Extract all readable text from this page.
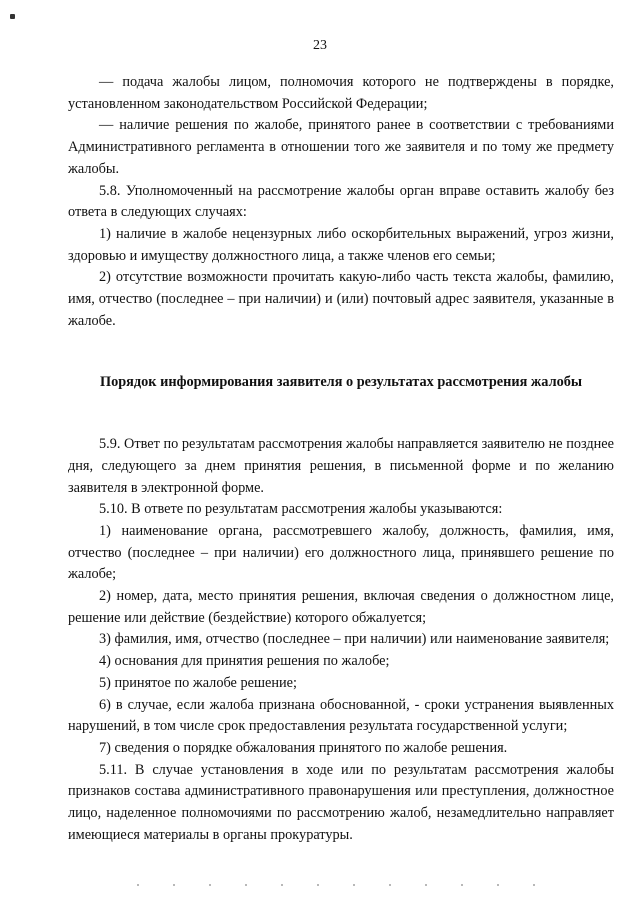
23

— подача жалобы лицом, полномочия которого не подтверждены в порядке, установленном законодательством Российской Федерации;

— наличие решения по жалобе, принятого ранее в соответствии с требованиями Административного регламента в отношении того же заявителя и по тому же предмету жалобы.

5.8. Уполномоченный на рассмотрение жалобы орган вправе оставить жалобу без ответа в следующих случаях:

1) наличие в жалобе нецензурных либо оскорбительных выражений, угроз жизни, здоровью и имуществу должностного лица, а также членов его семьи;

2) отсутствие возможности прочитать какую-либо часть текста жалобы, фамилию, имя, отчество (последнее – при наличии) и (или) почтовый адрес заявителя, указанные в жалобе.

Порядок информирования заявителя о результатах рассмотрения жалобы

5.9. Ответ по результатам рассмотрения жалобы направляется заявителю не позднее дня, следующего за днем принятия решения, в письменной форме и по желанию заявителя в электронной форме.

5.10. В ответе по результатам рассмотрения жалобы указываются:

1) наименование органа, рассмотревшего жалобу, должность, фамилия, имя, отчество (последнее – при наличии) его должностного лица, принявшего решение по жалобе;

2) номер, дата, место принятия решения, включая сведения о должностном лице, решение или действие (бездействие) которого обжалуется;

3) фамилия, имя, отчество (последнее – при наличии) или наименование заявителя;

4) основания для принятия решения по жалобе;

5) принятое по жалобе решение;

6) в случае, если жалоба признана обоснованной, - сроки устранения выявленных нарушений, в том числе срок предоставления результата государственной услуги;

7) сведения о порядке обжалования принятого по жалобе решения.

5.11. В случае установления в ходе или по результатам рассмотрения жалобы признаков состава административного правонарушения или преступления, должностное лицо, наделенное полномочиями по рассмотрению жалоб, незамедлительно направляет имеющиеся материалы в органы прокуратуры.
